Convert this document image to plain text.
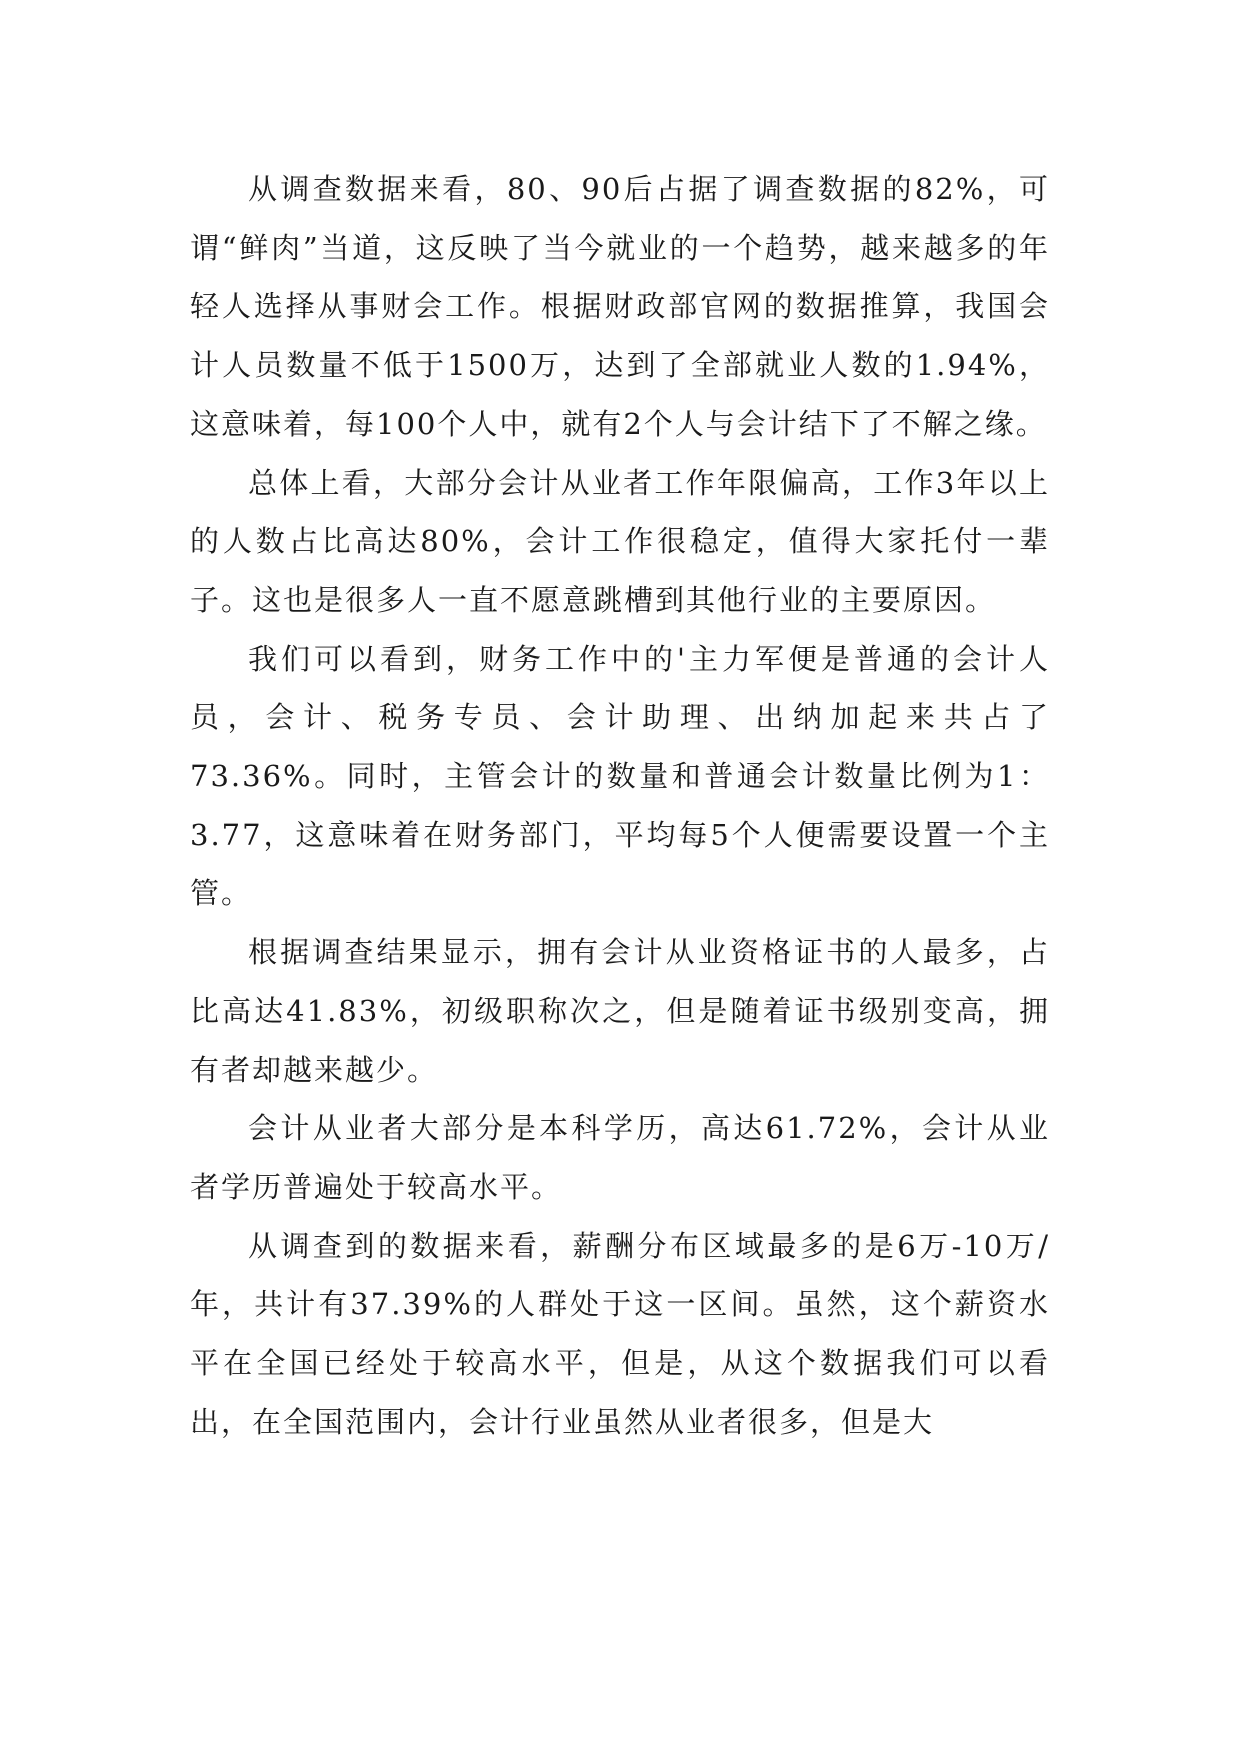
从调查数据来看，80、90后占据了调查数据的82%，可谓“鲜肉”当道，这反映了当今就业的一个趋势，越来越多的年轻人选择从事财会工作。根据财政部官网的数据推算，我国会计人员数量不低于1500万，达到了全部就业人数的1.94%，这意味着，每100个人中，就有2个人与会计结下了不解之缘。

总体上看，大部分会计从业者工作年限偏高，工作3年以上的人数占比高达80%，会计工作很稳定，值得大家托付一辈子。这也是很多人一直不愿意跳槽到其他行业的主要原因。

我们可以看到，财务工作中的'主力军便是普通的会计人员，会计、税务专员、会计助理、出纳加起来共占了73.36%。同时，主管会计的数量和普通会计数量比例为1：3.77，这意味着在财务部门，平均每5个人便需要设置一个主管。

根据调查结果显示，拥有会计从业资格证书的人最多，占比高达41.83%，初级职称次之，但是随着证书级别变高，拥有者却越来越少。

会计从业者大部分是本科学历，高达61.72%，会计从业者学历普遍处于较高水平。

从调查到的数据来看，薪酬分布区域最多的是6万-10万/年，共计有37.39%的人群处于这一区间。虽然，这个薪资水平在全国已经处于较高水平，但是，从这个数据我们可以看出，在全国范围内，会计行业虽然从业者很多，但是大
